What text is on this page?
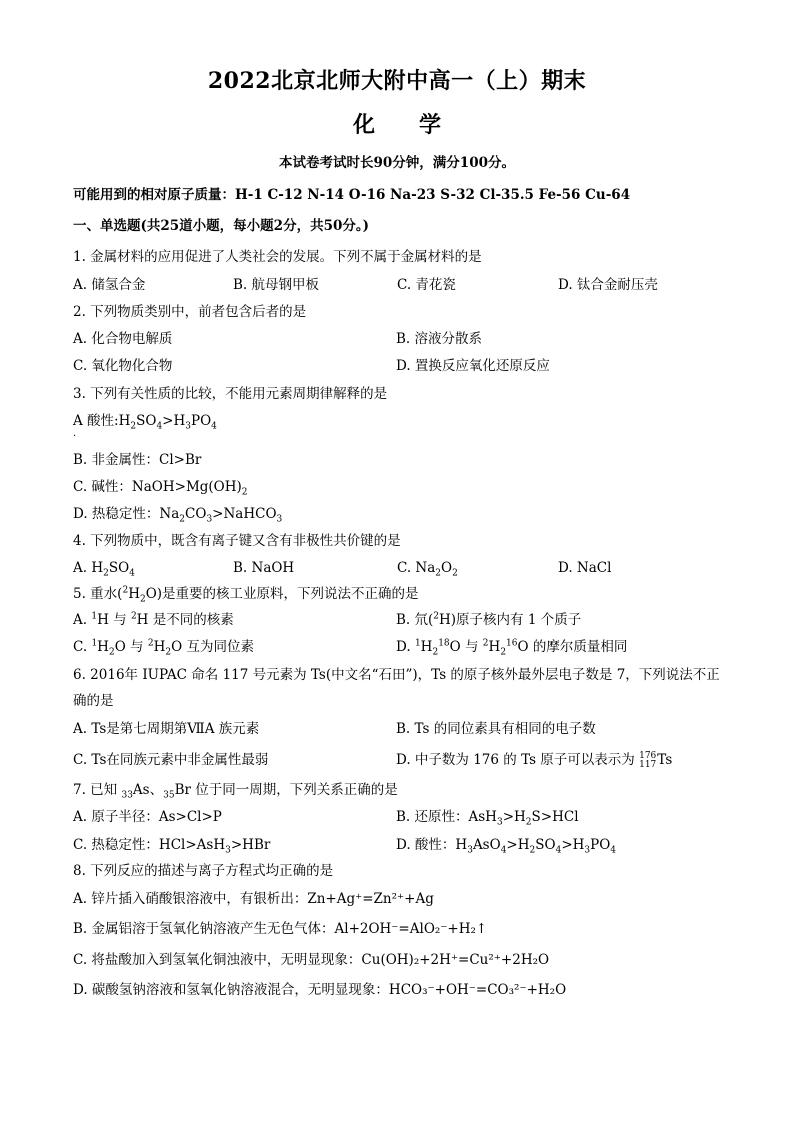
2022北京北师大附中高一（上）期末
化 学
本试卷考试时长90分钟，满分100分。
可能用到的相对原子质量：H-1 C-12 N-14 O-16 Na-23 S-32 Cl-35.5 Fe-56 Cu-64
一、单选题(共25道小题，每小题2分，共50分。)
1. 金属材料的应用促进了人类社会的发展。下列不属于金属材料的是
A. 储氢合金	B. 航母钢甲板	C. 青花瓷	D. 钛合金耐压壳
2. 下列物质类别中，前者包含后者的是
A. 化合物电解质	B. 溶液分散系
C. 氧化物化合物	D. 置换反应氧化还原反应
3. 下列有关性质的比较，不能用元素周期律解释的是
A 酸性$:H_2SO_4>H_3PO_4$
·
B. 非金属性：Cl>Br
C. 碱性：$NaOH>Mg(OH)_2$
D. 热稳定性：$Na_2CO_3>NaHCO_3$
4. 下列物质中，既含有离子键又含有非极性共价键的是
A. $H_2SO_4$	B. NaOH	C. $Na_2O_2$	D. NaCl
5. 重水$(^2H_2O)$是重要的核工业原料，下列说法不正确的是
A. $^1$H 与 $^2$H 是不同的核素	B. 氘($^2$H)原子核内有 1 个质子
C. $^1H_2O$ 与 $^2H_2O$ 互为同位素	D. $^1H_2^{18}O$ 与 $^2H_2^{16}O$ 的摩尔质量相同
6. 2016年 IUPAC 命名 117 号元素为 Ts(中文名“石田”)，Ts 的原子核外最外层电子数是 7，下列说法不正
确的是
A. Ts是第七周期第ⅦA 族元素	B. Ts 的同位素具有相同的电子数
C. Ts在同族元素中非金属性最弱	D. 中子数为 176 的 Ts 原子可以表示为 176
117Ts
7. 已知 $_{33}$As、$_{35}$Br 位于同一周期，下列关系正确的是
A. 原子半径：As>Cl>P	B. 还原性：$AsH_3>H_2S>HCl$
C. 热稳定性：HCl>AsH$_3$>HBr	D. 酸性：$H_3AsO_4>H_2SO_4>H_3PO_4$
8. 下列反应的描述与离子方程式均正确的是
A. 锌片插入硝酸银溶液中，有银析出：Zn+Ag⁺=Zn²⁺+Ag
B. 金属铝溶于氢氧化钠溶液产生无色气体：Al+2OH⁻=AlO₂⁻+H₂↑
C. 将盐酸加入到氢氧化铜浊液中，无明显现象：Cu(OH)₂+2H⁺=Cu²⁺+2H₂O
D. 碳酸氢钠溶液和氢氧化钠溶液混合，无明显现象：HCO₃⁻+OH⁻=CO₃²⁻+H₂O
